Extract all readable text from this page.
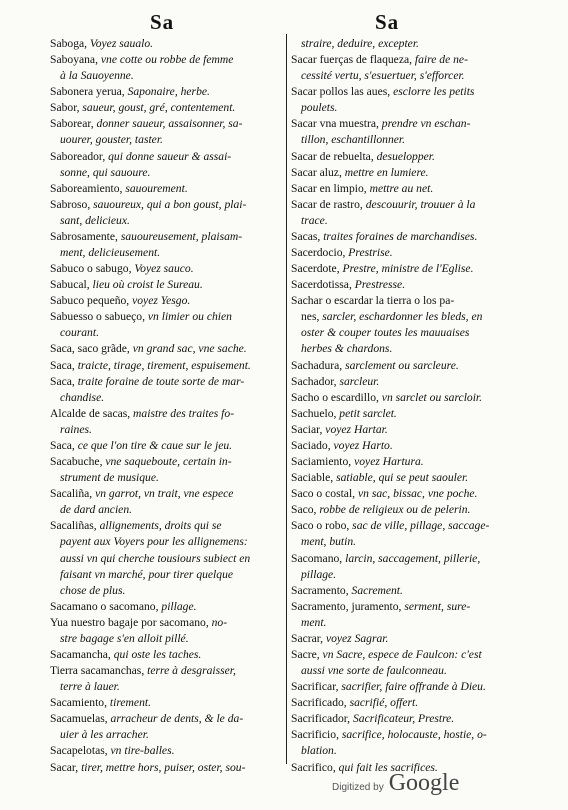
Sa	Sa
Saboga, Voyez saualo.
Saboyana, vne cotte ou robbe de femme
à la Sauoyenne.
Sabonera yerua, Saponaire, herbe.
Sabor, saueur, goust, gré, contentement.
Saborear, donner saueur, assaisonner, sa-
uourer, gouster, taster.
Saboreador, qui donne saueur & assai-
sonne, qui sauoure.
Saboreamiento, sauourement.
Sabroso, sauoureux, qui a bon goust, plai-
sant, delicieux.
Sabrosamente, sauoureusement, plaisam-
ment, delicieusement.
Sabuco o sabugo, Voyez sauco.
Sabucal, lieu où croist le Sureau.
Sabuco pequeño, voyez Yesgo.
Sabuesso o sabueço, vn limier ou chien
courant.
Saca, saco grãde, vn grand sac, vne sache.
Saca, traicte, tirage, tirement, espuisement.
Saca, traite foraine de toute sorte de mar-
chandise.
Alcalde de sacas, maistre des traites fo-
raines.
Saca, ce que l'on tire & caue sur le jeu.
Sacabuche, vne saqueboute, certain in-
strument de musique.
Sacaliña, vn garrot, vn trait, vne espece
de dard ancien.
Sacaliñas, allignements, droits qui se
payent aux Voyers pour les allignemens:
aussi vn qui cherche tousiours subiect en
faisant vn marché, pour tirer quelque
chose de plus.
Sacamano o sacomano, pillage.
Yua nuestro bagaje por sacomano, no-
stre bagage s'en alloit pillé.
Sacamancha, qui oste les taches.
Tierra sacamanchas, terre à desgraisser,
terre à lauer.
Sacamiento, tirement.
Sacamuelas, arracheur de dents, & le da-
uier à les arracher.
Sacapelotas, vn tire-balles.
Sacar, tirer, mettre hors, puiser, oster, sou-
straire, deduire, excepter.
Sacar fuerças de flaqueza, faire de ne-
cessité vertu, s'esuertuer, s'efforcer.
Sacar pollos las aues, esclorre les petits
poulets.
Sacar vna muestra, prendre vn eschan-
tillon, eschantillonner.
Sacar de rebuelta, desuelopper.
Sacar aluz, mettre en lumiere.
Sacar en limpio, mettre au net.
Sacar de rastro, descouurir, trouuer à la
trace.
Sacas, traites foraines de marchandises.
Sacerdocio, Prestrise.
Sacerdote, Prestre, ministre de l'Eglise.
Sacerdotissa, Prestresse.
Sachar o escardar la tierra o los pa-
nes, sarcler, eschardonner les bleds, en
oster & couper toutes les mauuaises
herbes & chardons.
Sachadura, sarclement ou sarcleure.
Sachador, sarcleur.
Sacho o escardillo, vn sarclet ou sarcloir.
Sachuelo, petit sarclet.
Saciar, voyez Hartar.
Saciado, voyez Harto.
Saciamiento, voyez Hartura.
Saciable, satiable, qui se peut saouler.
Saco o costal, vn sac, bissac, vne poche.
Saco, robbe de religieux ou de pelerin.
Saco o robo, sac de ville, pillage, saccage-
ment, butin.
Sacomano, larcin, saccagement, pillerie,
pillage.
Sacramento, Sacrement.
Sacramento, juramento, serment, sure-
ment.
Sacrar, voyez Sagrar.
Sacre, vn Sacre, espece de Faulcon: c'est
aussi vne sorte de faulconneau.
Sacrificar, sacrifier, faire offrande à Dieu.
Sacrificado, sacrifié, offert.
Sacrificador, Sacrificateur, Prestre.
Sacrificio, sacrifice, holocauste, hostie, o-
blation.
Sacrifico, qui fait les sacrifices.
Digitized by Google
